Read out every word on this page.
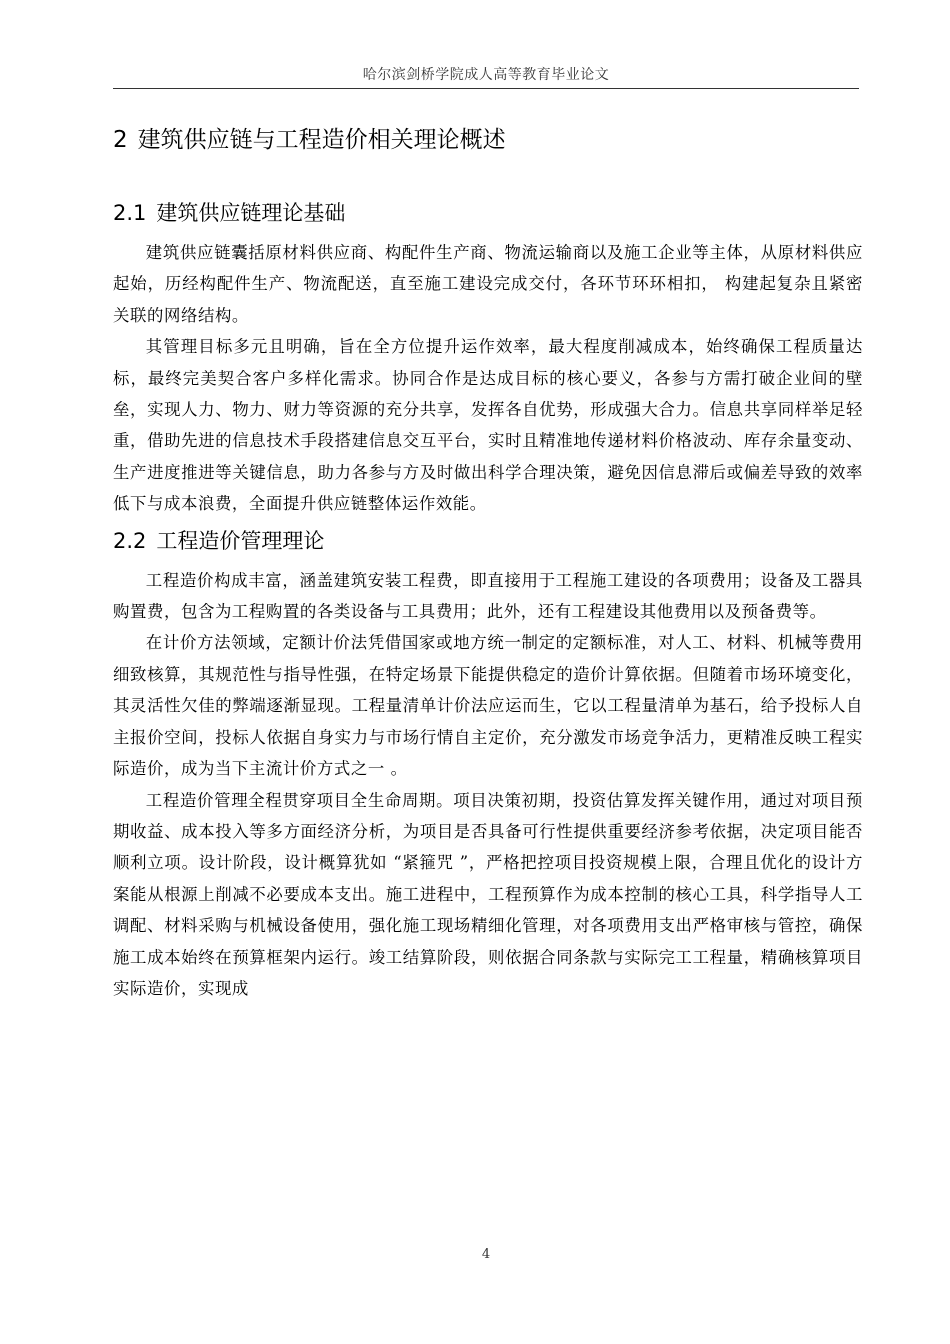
哈尔滨剑桥学院成人高等教育毕业论文
2 建筑供应链与工程造价相关理论概述
2.1 建筑供应链理论基础

建筑供应链囊括原材料供应商、构配件生产商、物流运输商以及施工企业等主体，从原材料供应起始，历经构配件生产、物流配送，直至施工建设完成交付，各环节环环相扣， 构建起复杂且紧密关联的网络结构。

其管理目标多元且明确，旨在全方位提升运作效率，最大程度削减成本，始终确保工程质量达标，最终完美契合客户多样化需求。协同合作是达成目标的核心要义，各参与方需打破企业间的壁垒，实现人力、物力、财力等资源的充分共享，发挥各自优势，形成强大合力。信息共享同样举足轻重，借助先进的信息技术手段搭建信息交互平台，实时且精准地传递材料价格波动、库存余量变动、生产进度推进等关键信息，助力各参与方及时做出科学合理决策，避免因信息滞后或偏差导致的效率低下与成本浪费，全面提升供应链整体运作效能。

2.2 工程造价管理理论

工程造价构成丰富，涵盖建筑安装工程费，即直接用于工程施工建设的各项费用；设备及工器具购置费，包含为工程购置的各类设备与工具费用；此外，还有工程建设其他费用以及预备费等。

在计价方法领域，定额计价法凭借国家或地方统一制定的定额标准，对人工、材料、机械等费用细致核算，其规范性与指导性强，在特定场景下能提供稳定的造价计算依据。但随着市场环境变化，其灵活性欠佳的弊端逐渐显现。工程量清单计价法应运而生，它以工程量清单为基石，给予投标人自主报价空间，投标人依据自身实力与市场行情自主定价，充分激发市场竞争活力，更精准反映工程实际造价，成为当下主流计价方式之一 。

工程造价管理全程贯穿项目全生命周期。项目决策初期，投资估算发挥关键作用，通过对项目预期收益、成本投入等多方面经济分析，为项目是否具备可行性提供重要经济参考依据，决定项目能否顺利立项。设计阶段，设计概算犹如 “紧箍咒 ”，严格把控项目投资规模上限，合理且优化的设计方案能从根源上削减不必要成本支出。施工进程中，工程预算作为成本控制的核心工具，科学指导人工调配、材料采购与机械设备使用，强化施工现场精细化管理，对各项费用支出严格审核与管控，确保施工成本始终在预算框架内运行。竣工结算阶段，则依据合同条款与实际完工工程量，精确核算项目实际造价，实现成

4
